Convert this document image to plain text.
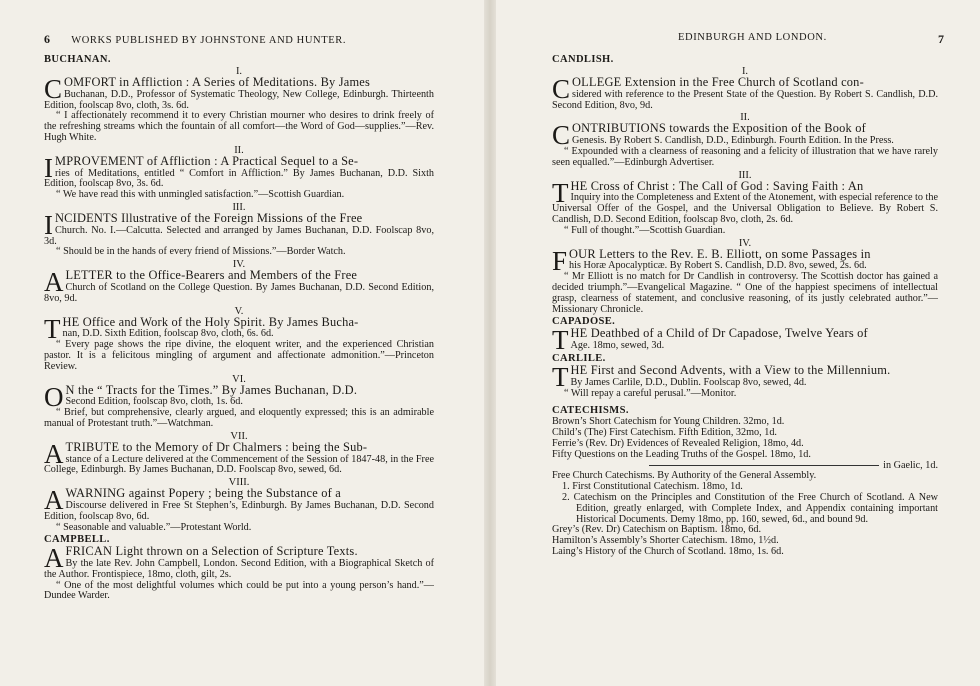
6 WORKS PUBLISHED BY JOHNSTONE AND HUNTER.

BUCHANAN.

I.

COMFORT in Affliction : A Series of Meditations. By James
Buchanan, D.D., Professor of Systematic Theology, New College, Edinburgh. Thirteenth Edition, foolscap 8vo, cloth, 3s. 6d.
“ I affectionately recommend it to every Christian mourner who desires to drink freely of the refreshing streams which the fountain of all comfort—the Word of God—supplies.”—Rev. Hugh White.

II.

IMPROVEMENT of Affliction : A Practical Sequel to a Se-
ries of Meditations, entitled “ Comfort in Affliction.” By James Buchanan, D.D. Sixth Edition, foolscap 8vo, 3s. 6d.
“ We have read this with unmingled satisfaction.”—Scottish Guardian.

III.

INCIDENTS Illustrative of the Foreign Missions of the Free
Church. No. I.—Calcutta. Selected and arranged by James Buchanan, D.D. Foolscap 8vo, 3d.
“ Should be in the hands of every friend of Missions.”—Border Watch.

IV.

A LETTER to the Office-Bearers and Members of the Free
Church of Scotland on the College Question. By James Buchanan, D.D. Second Edition, 8vo, 9d.

V.

THE Office and Work of the Holy Spirit. By James Bucha-
nan, D.D. Sixth Edition, foolscap 8vo, cloth, 6s. 6d.
“ Every page shows the ripe divine, the eloquent writer, and the experienced Christian pastor. It is a felicitous mingling of argument and affectionate admonition.”—Princeton Review.

VI.

O N the “ Tracts for the Times.” By James Buchanan, D.D.
Second Edition, foolscap 8vo, cloth, 1s. 6d.
“ Brief, but comprehensive, clearly argued, and eloquently expressed; this is an admirable manual of Protestant truth.”—Watchman.

VII.

A TRIBUTE to the Memory of Dr Chalmers : being the Sub-
stance of a Lecture delivered at the Commencement of the Session of 1847-48, in the Free College, Edinburgh. By James Buchanan, D.D. Foolscap 8vo, sewed, 6d.

VIII.

A WARNING against Popery ; being the Substance of a
Discourse delivered in Free St Stephen’s, Edinburgh. By James Buchanan, D.D. Second Edition, foolscap 8vo, 6d.
“ Seasonable and valuable.”—Protestant World.

CAMPBELL.

AFRICAN Light thrown on a Selection of Scripture Texts.
By the late Rev. John Campbell, London. Second Edition, with a Biographical Sketch of the Author. Frontispiece, 18mo, cloth, gilt, 2s.
“ One of the most delightful volumes which could be put into a young person’s hand.”—Dundee Warder.
EDINBURGH AND LONDON.	7

CANDLISH.

I.

COLLEGE Extension in the Free Church of Scotland con-
sidered with reference to the Present State of the Question. By Robert S. Candlish, D.D. Second Edition, 8vo, 9d.

II.

CONTRIBUTIONS towards the Exposition of the Book of
Genesis. By Robert S. Candlish, D.D., Edinburgh. Fourth Edition. In the Press.
“ Expounded with a clearness of reasoning and a felicity of illustration that we have rarely seen equalled.”—Edinburgh Advertiser.

III.

THE Cross of Christ : The Call of God : Saving Faith : An
Inquiry into the Completeness and Extent of the Atonement, with especial reference to the Universal Offer of the Gospel, and the Universal Obligation to Believe. By Robert S. Candlish, D.D. Second Edition, foolscap 8vo, cloth, 2s. 6d.
“ Full of thought.”—Scottish Guardian.

IV.

FOUR Letters to the Rev. E. B. Elliott, on some Passages in
his Horæ Apocalypticæ. By Robert S. Candlish, D.D. 8vo, sewed, 2s. 6d.
“ Mr Elliott is no match for Dr Candlish in controversy. The Scottish doctor has gained a decided triumph.”—Evangelical Magazine. “ One of the happiest specimens of intellectual grasp, clearness of statement, and conclusive reasoning, of its justly celebrated author.”—Missionary Chronicle.

CAPADOSE.

THE Deathbed of a Child of Dr Capadose, Twelve Years of
Age. 18mo, sewed, 3d.

CARLILE.

THE First and Second Advents, with a View to the Millennium.
By James Carlile, D.D., Dublin. Foolscap 8vo, sewed, 4d.
“ Will repay a careful perusal.”—Monitor.

CATECHISMS.

Brown’s Short Catechism for Young Children. 32mo, 1d.

Child’s (The) First Catechism. Fifth Edition, 32mo, 1d.

Ferrie’s (Rev. Dr) Evidences of Revealed Religion, 18mo, 4d.

Fifty Questions on the Leading Truths of the Gospel. 18mo, 1d.

in Gaelic, 1d.

Free Church Catechisms. By Authority of the General Assembly.

1. First Constitutional Catechism. 18mo, 1d.

2. Catechism on the Principles and Constitution of the Free Church of Scotland. A New Edition, greatly enlarged, with Complete Index, and Appendix containing important Historical Documents. Demy 18mo, pp. 160, sewed, 6d., and bound 9d.

Grey’s (Rev. Dr) Catechism on Baptism. 18mo, 6d.

Hamilton’s Assembly’s Shorter Catechism. 18mo, 1½d.

Laing’s History of the Church of Scotland. 18mo, 1s. 6d.
